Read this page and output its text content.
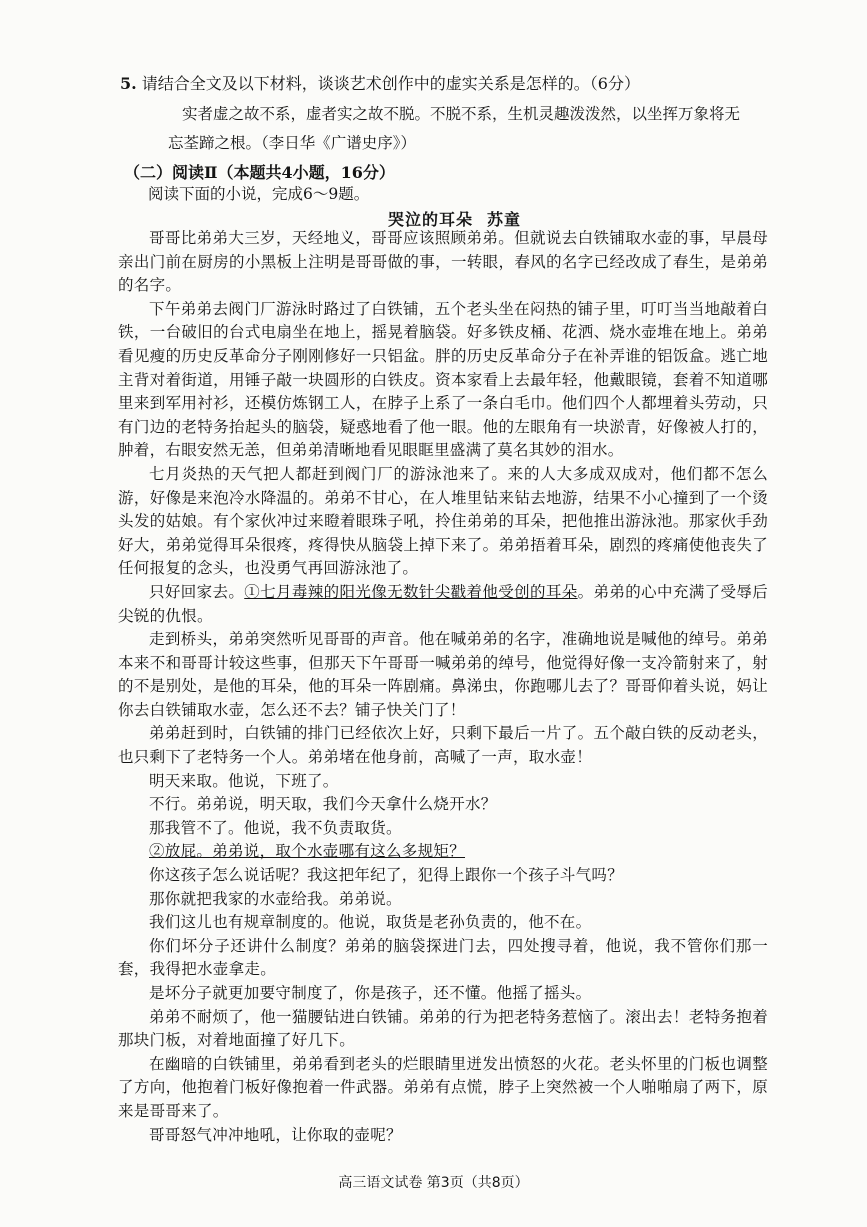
5. 请结合全文及以下材料，谈谈艺术创作中的虚实关系是怎样的。（6分）
实者虚之故不系，虚者实之故不脱。不脱不系，生机灵趣泼泼然，以坐挥万象将无
忘荃蹄之根。（李日华《广谱史序》）
（二）阅读Ⅱ（本题共4小题，16分）
阅读下面的小说，完成6～9题。
哭泣的耳朵 苏童

哥哥比弟弟大三岁，天经地义，哥哥应该照顾弟弟。但就说去白铁铺取水壶的事，早晨母亲出门前在厨房的小黑板上注明是哥哥做的事，一转眼，春风的名字已经改成了春生，是弟弟的名字。

下午弟弟去阀门厂游泳时路过了白铁铺，五个老头坐在闷热的铺子里，叮叮当当地敲着白铁，一台破旧的台式电扇坐在地上，摇晃着脑袋。好多铁皮桶、花洒、烧水壶堆在地上。弟弟看见瘦的历史反革命分子刚刚修好一只铝盆。胖的历史反革命分子在补弄谁的铝饭盒。逃亡地主背对着街道，用锤子敲一块圆形的白铁皮。资本家看上去最年轻，他戴眼镜，套着不知道哪里来到军用衬衫，还模仿炼钢工人，在脖子上系了一条白毛巾。他们四个人都埋着头劳动，只有门边的老特务抬起头的脑袋，疑惑地看了他一眼。他的左眼角有一块淤青，好像被人打的，肿着，右眼安然无恙，但弟弟清晰地看见眼眶里盛满了莫名其妙的泪水。

七月炎热的天气把人都赶到阀门厂的游泳池来了。来的人大多成双成对，他们都不怎么游，好像是来泡冷水降温的。弟弟不甘心，在人堆里钻来钻去地游，结果不小心撞到了一个烫头发的姑娘。有个家伙冲过来瞪着眼珠子吼，拎住弟弟的耳朵，把他推出游泳池。那家伙手劲好大，弟弟觉得耳朵很疼，疼得快从脑袋上掉下来了。弟弟捂着耳朵，剧烈的疼痛使他丧失了任何报复的念头，也没勇气再回游泳池了。

只好回家去。①七月毒辣的阳光像无数针尖戳着他受创的耳朵。弟弟的心中充满了受辱后尖锐的仇恨。

走到桥头，弟弟突然听见哥哥的声音。他在喊弟弟的名字，准确地说是喊他的绰号。弟弟本来不和哥哥计较这些事，但那天下午哥哥一喊弟弟的绰号，他觉得好像一支冷箭射来了，射的不是别处，是他的耳朵，他的耳朵一阵剧痛。鼻涕虫，你跑哪儿去了？哥哥仰着头说，妈让你去白铁铺取水壶，怎么还不去？铺子快关门了！

弟弟赶到时，白铁铺的排门已经依次上好，只剩下最后一片了。五个敲白铁的反动老头，也只剩下了老特务一个人。弟弟堵在他身前，高喊了一声，取水壶！

明天来取。他说，下班了。

不行。弟弟说，明天取，我们今天拿什么烧开水？

那我管不了。他说，我不负责取货。

②放屁。弟弟说，取个水壶哪有这么多规矩？

你这孩子怎么说话呢？我这把年纪了，犯得上跟你一个孩子斗气吗？

那你就把我家的水壶给我。弟弟说。

我们这儿也有规章制度的。他说，取货是老孙负责的，他不在。

你们坏分子还讲什么制度？弟弟的脑袋探进门去，四处搜寻着，他说，我不管你们那一套，我得把水壶拿走。

是坏分子就更加要守制度了，你是孩子，还不懂。他摇了摇头。

弟弟不耐烦了，他一猫腰钻进白铁铺。弟弟的行为把老特务惹恼了。滚出去！老特务抱着那块门板，对着地面撞了好几下。

在幽暗的白铁铺里，弟弟看到老头的烂眼睛里迸发出愤怒的火花。老头怀里的门板也调整了方向，他抱着门板好像抱着一件武器。弟弟有点慌，脖子上突然被一个人啪啪扇了两下，原来是哥哥来了。

哥哥怒气冲冲地吼，让你取的壶呢？

高三语文试卷 第3页（共8页）
